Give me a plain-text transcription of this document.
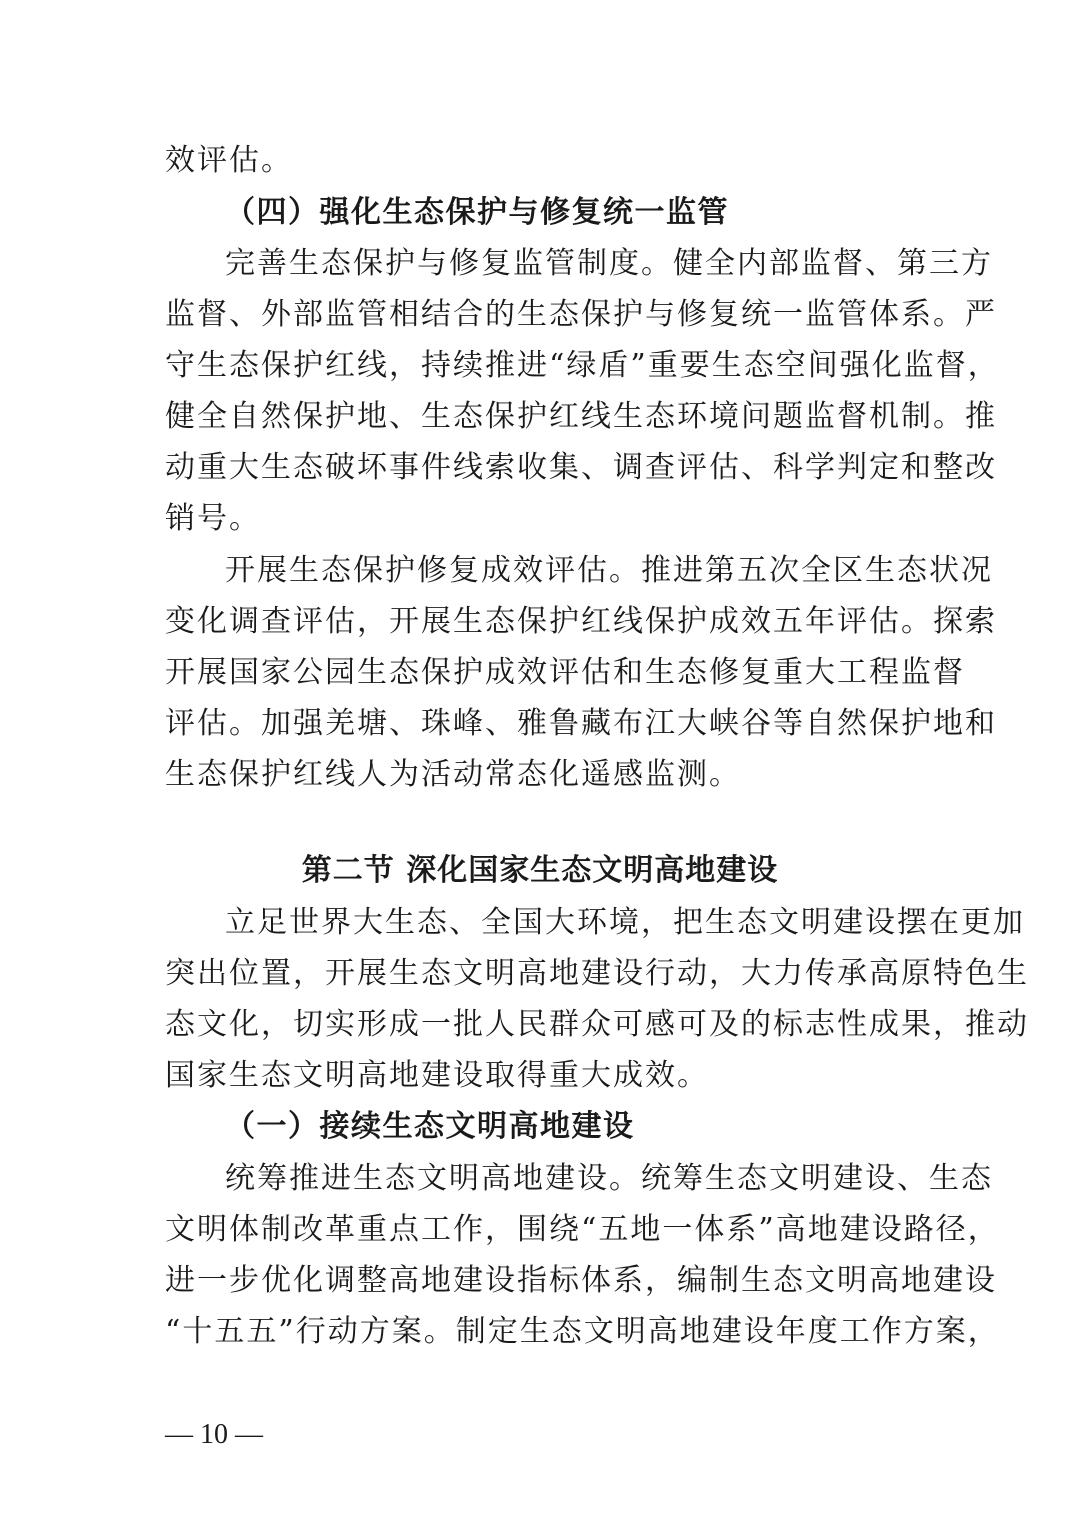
效评估。
（四）强化生态保护与修复统一监管
完 善 生 态 保 护 与 修 复 监 管 制 度 。 健 全 内 部 监 督 、 第 三 方
监 督 、 外 部 监 管 相 结 合 的 生 态 保 护 与 修 复 统 一 监 管 体 系 。 严
守 生 态 保 护 红 线 ， 持 续 推 进 “ 绿 盾 ” 重 要 生 态 空 间 强 化 监 督 ，
健 全 自 然 保 护 地 、 生 态 保 护 红 线 生 态 环 境 问 题 监 督 机 制 。 推
动 重 大 生 态 破 坏 事 件 线 索 收 集 、 调 查 评 估 、 科 学 判 定 和 整 改
销号。
开 展 生 态 保 护 修 复 成 效 评 估 。 推 进 第 五 次 全 区 生 态 状 况
变 化 调 查 评 估 ， 开 展 生 态 保 护 红 线 保 护 成 效 五 年 评 估 。 探 索
开 展 国 家 公 园 生 态 保 护 成 效 评 估 和 生 态 修 复 重 大 工 程 监 督
评 估 。 加 强 羌 塘 、 珠 峰 、 雅 鲁 藏 布 江 大 峡 谷 等 自 然 保 护 地 和
生态保护红线人为活动常态化遥感监测。
第二节 深化国家生态文明高地建设
立 足 世 界 大 生 态 、 全 国 大 环 境 ， 把 生 态 文 明 建 设 摆 在 更 加
突 出 位 置 ， 开 展 生 态 文 明 高 地 建 设 行 动 ， 大 力 传 承 高 原 特 色 生
态 文 化 ， 切 实 形 成 一 批 人 民 群 众 可 感 可 及 的 标 志 性 成 果 ， 推 动
国家生态文明高地建设取得重大成效。
（一）接续生态文明高地建设
统 筹 推 进 生 态 文 明 高 地 建 设 。 统 筹 生 态 文 明 建 设 、 生 态
文 明 体 制 改 革 重 点 工 作 ， 围 绕 “ 五 地 一 体 系 ” 高 地 建 设 路 径 ，
进 一 步 优 化 调 整 高 地 建 设 指 标 体 系 ， 编 制 生 态 文 明 高 地 建 设
“ 十 五 五 ” 行 动 方 案 。 制 定 生 态 文 明 高 地 建 设 年 度 工 作 方 案 ，
— 10 —
